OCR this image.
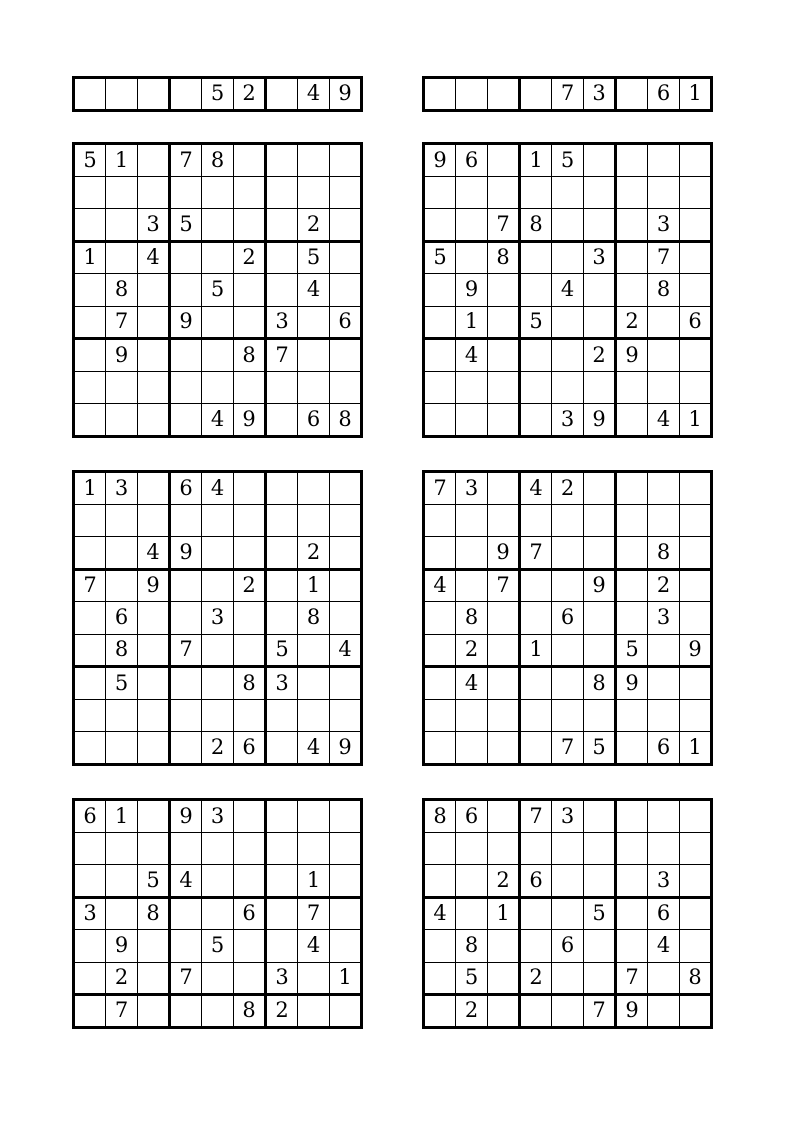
				5	2		4	9
					7	3		6	1
5	1		7	8				

		3	5				2	
1		4			2		5	
	8			5			4	
	7		9			3		6
	9				8	7		

				4	9		6	8
9	6		1	5				

		7	8				3	
5		8			3		7	
	9			4			8	
	1		5			2		6
	4				2	9		

				3	9		4	1
1	3		6	4				

		4	9				2	
7		9			2		1	
	6			3			8	
	8		7			5		4
	5				8	3		

				2	6		4	9
7	3		4	2				

		9	7				8	
4		7			9		2	
	8			6			3	
	2		1			5		9
	4				8	9		

				7	5		6	1
6	1		9	3				

		5	4				1	
3		8			6		7	
	9			5			4	
	2		7			3		1
	7				8	2		
8	6		7	3				

		2	6				3	
4		1			5		6	
	8			6			4	
	5		2			7		8
	2				7	9		
